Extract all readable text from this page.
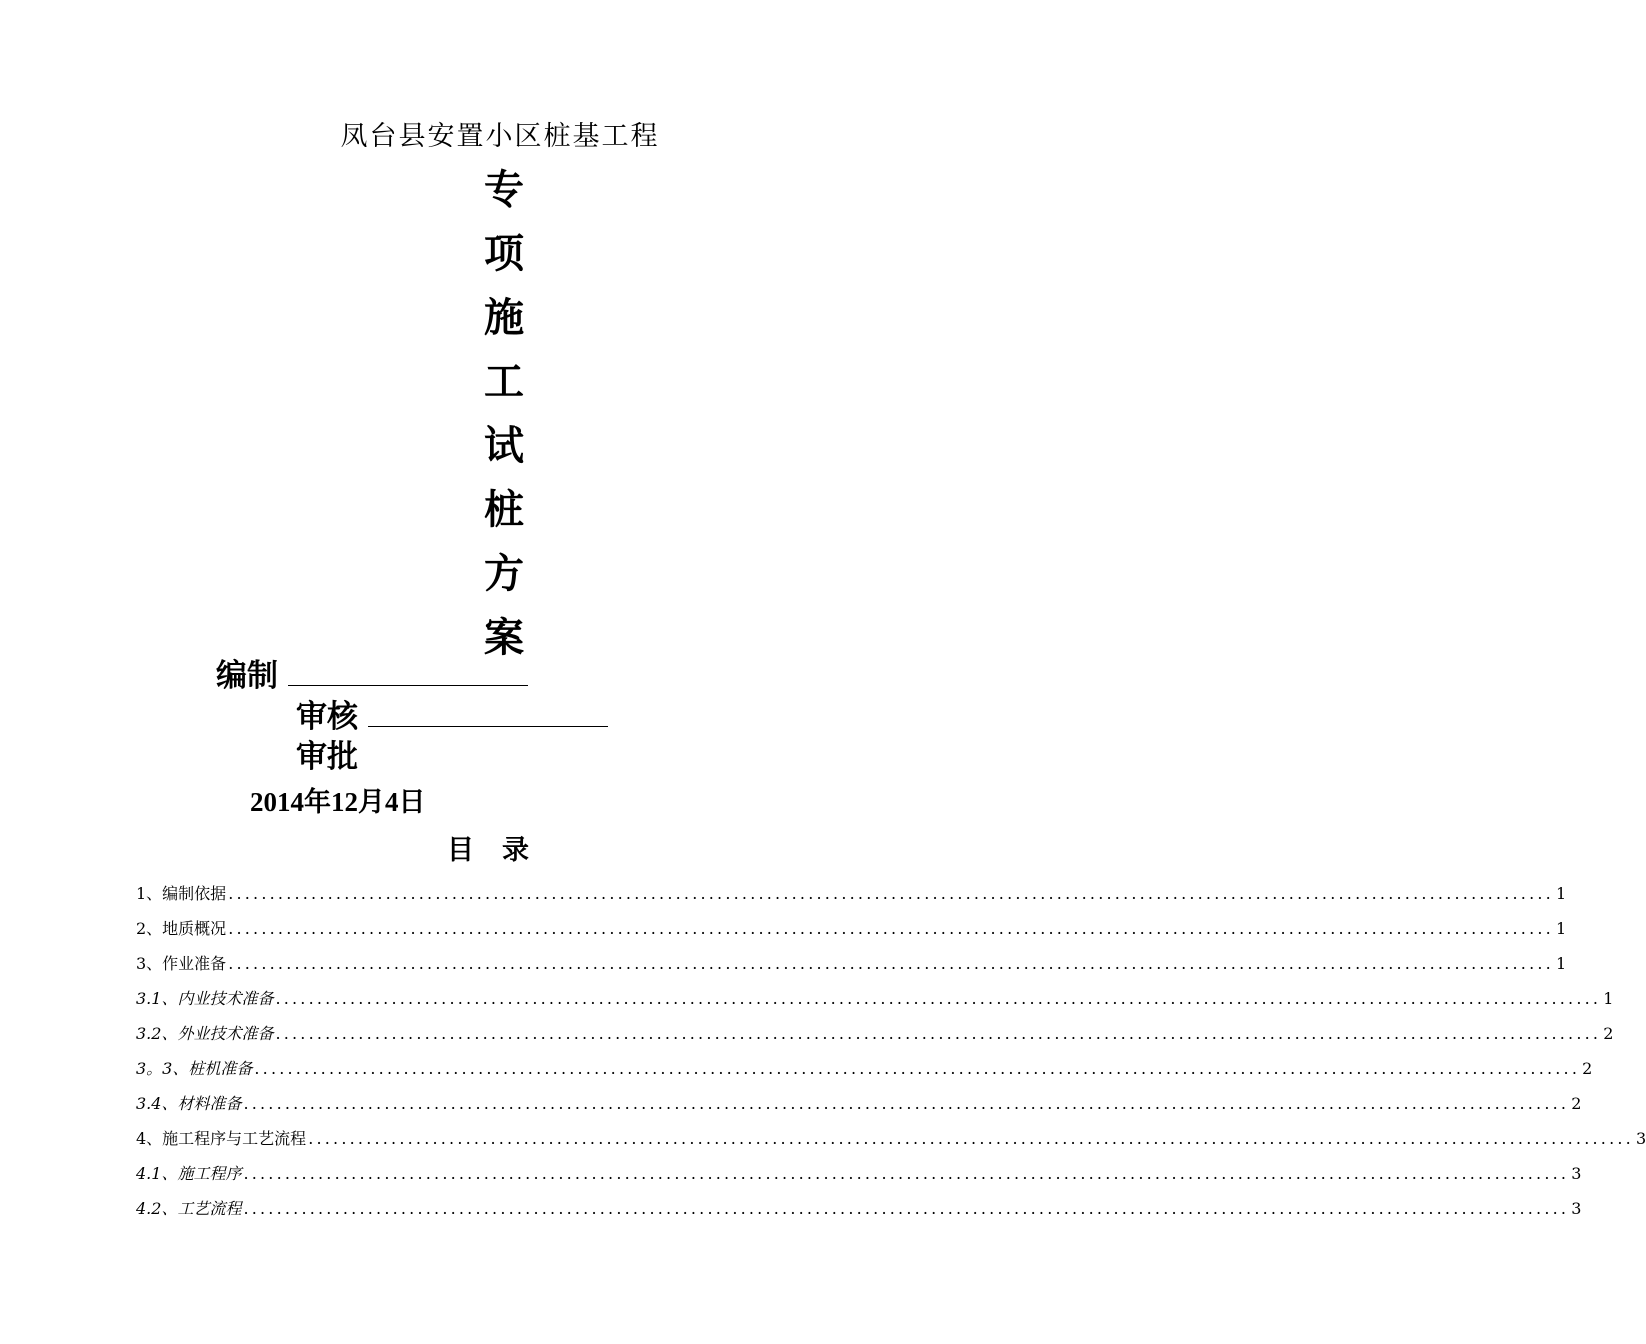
凤台县安置小区桩基工程
专
项
施
工
试
桩
方
案
编制
审核
审批
2014年12月4日
目录
1、编制依据 ................................................................................................................................................................ 1
2、地质概况 ................................................................................................................................................................ 1
3、作业准备 ................................................................................................................................................................ 1
3.1、内业技术准备 ................................................................................................................................................................ 1
3.2、外业技术准备 ................................................................................................................................................................ 2
3。3、桩机准备 ................................................................................................................................................................ 2
3.4、材料准备 ................................................................................................................................................................ 2
4、施工程序与工艺流程 ................................................................................................................................................................ 3
4.1、施工程序 ................................................................................................................................................................ 3
4.2、工艺流程 ................................................................................................................................................................ 3
